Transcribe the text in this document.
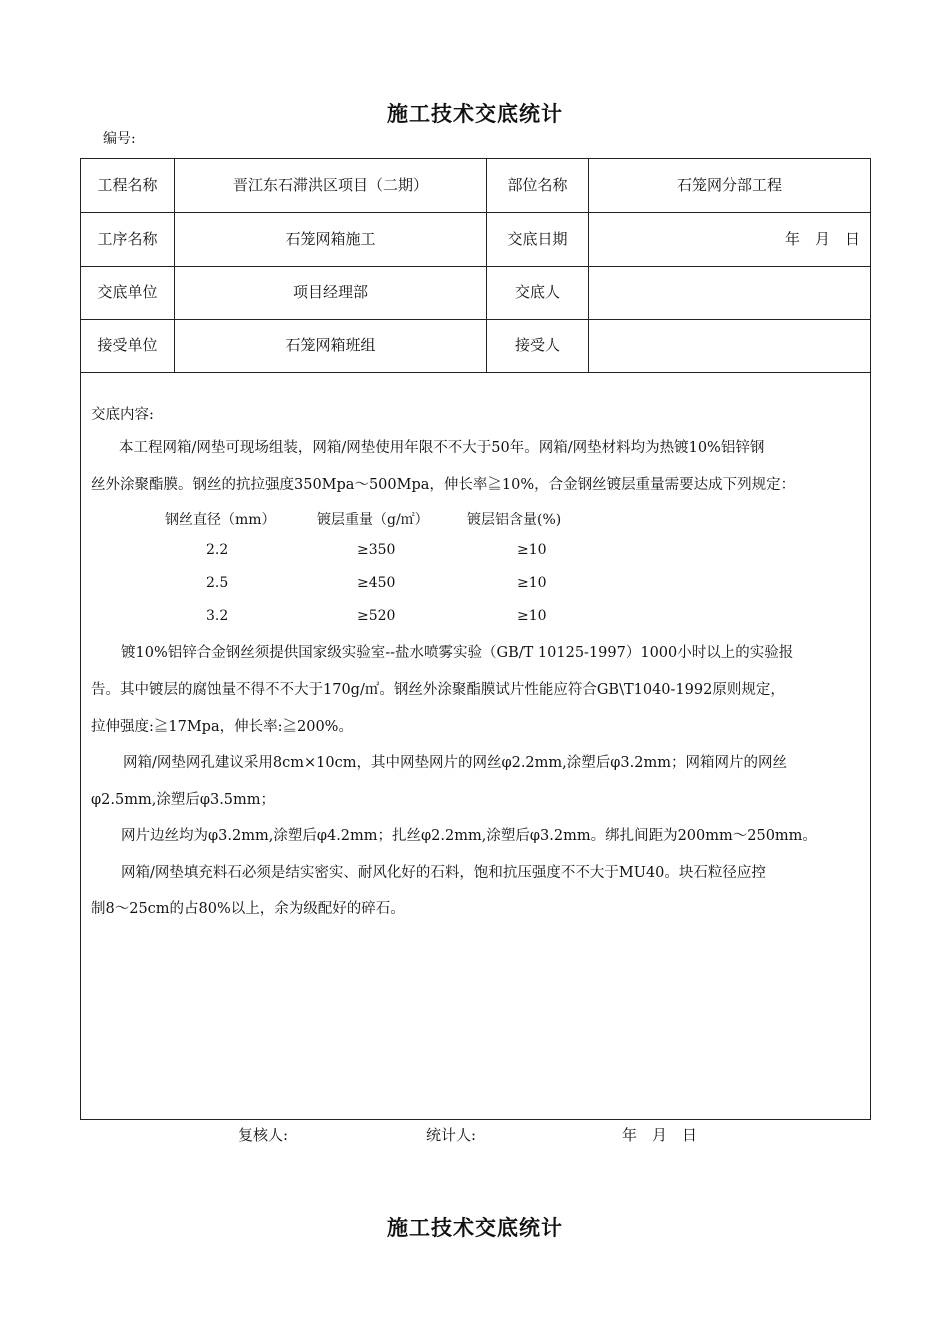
施工技术交底统计
编号:
工程名称	晋江东石滞洪区项目（二期）	部位名称	石笼网分部工程
工序名称	石笼网箱施工	交底日期	年　月　日
交底单位	项目经理部	交底人
接受单位	石笼网箱班组	接受人
交底内容:
本工程网箱/网垫可现场组装，网箱/网垫使用年限不不大于50年。网箱/网垫材料均为热镀10%铝锌钢
丝外涂聚酯膜。钢丝的抗拉强度350Mpa～500Mpa，伸长率≧10%，合金钢丝镀层重量需要达成下列规定：
钢丝直径（mm）	镀层重量（g/㎡）	镀层铝含量(%)
2.2	≥350	≥10
2.5	≥450	≥10
3.2	≥520	≥10
镀10%铝锌合金钢丝须提供国家级实验室--盐水喷雾实验（GB/T 10125-1997）1000小时以上的实验报
告。其中镀层的腐蚀量不得不不大于170g/㎡。钢丝外涂聚酯膜试片性能应符合GB\T1040-1992原则规定，
拉伸强度:≧17Mpa，伸长率:≧200%。
网箱/网垫网孔建议采用8cm×10cm，其中网垫网片的网丝φ2.2mm,涂塑后φ3.2mm；网箱网片的网丝
φ2.5mm,涂塑后φ3.5mm；
网片边丝均为φ3.2mm,涂塑后φ4.2mm；扎丝φ2.2mm,涂塑后φ3.2mm。绑扎间距为200mm～250mm。
网箱/网垫填充料石必须是结实密实、耐风化好的石料，饱和抗压强度不不大于MU40。块石粒径应控
制8～25cm的占80%以上，余为级配好的碎石。
复核人:	统计人:	年　月　日
施工技术交底统计
